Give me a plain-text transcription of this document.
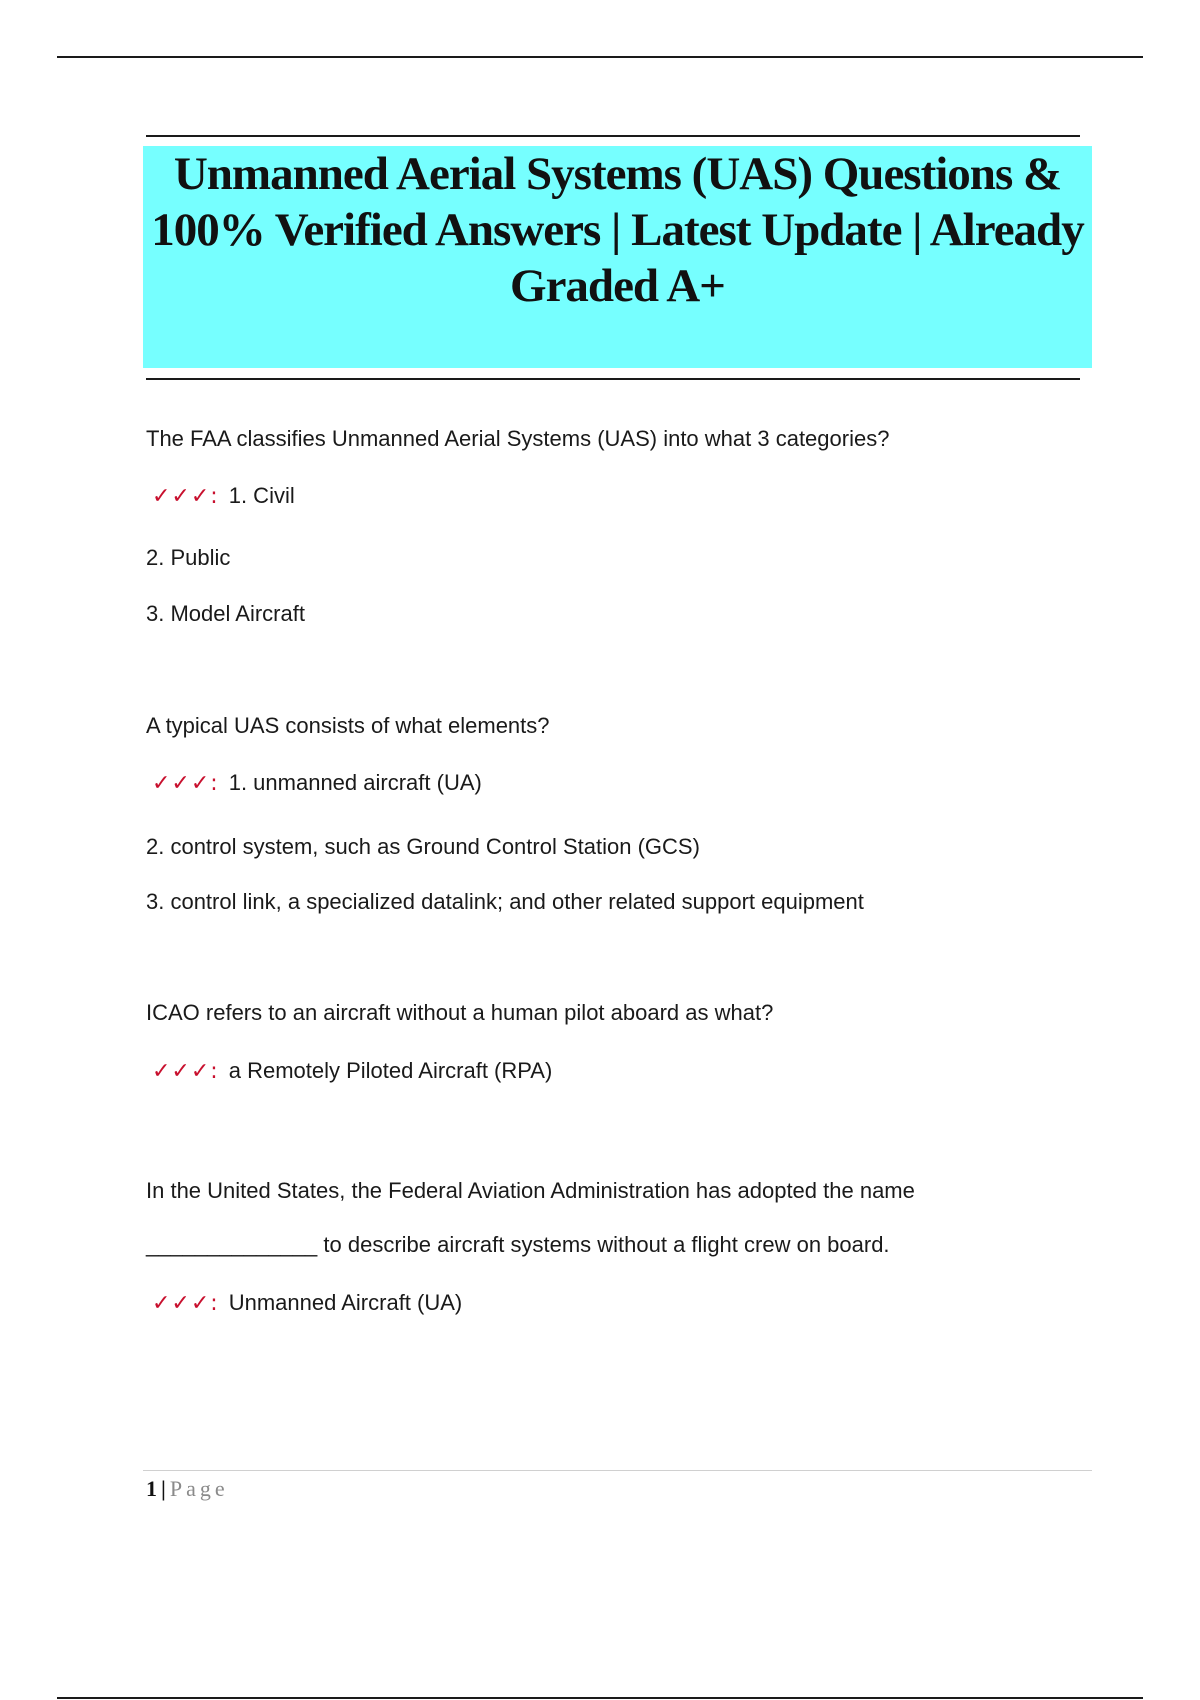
Unmanned Aerial Systems (UAS) Questions & 100% Verified Answers | Latest Update | Already Graded A+
The FAA classifies Unmanned Aerial Systems (UAS) into what 3 categories?
✓✓✓: 1. Civil
2. Public
3. Model Aircraft
A typical UAS consists of what elements?
✓✓✓: 1. unmanned aircraft (UA)
2. control system, such as Ground Control Station (GCS)
3. control link, a specialized datalink; and other related support equipment
ICAO refers to an aircraft without a human pilot aboard as what?
✓✓✓: a Remotely Piloted Aircraft (RPA)
In the United States, the Federal Aviation Administration has adopted the name
______________ to describe aircraft systems without a flight crew on board.
✓✓✓: Unmanned Aircraft (UA)
1 | Page
